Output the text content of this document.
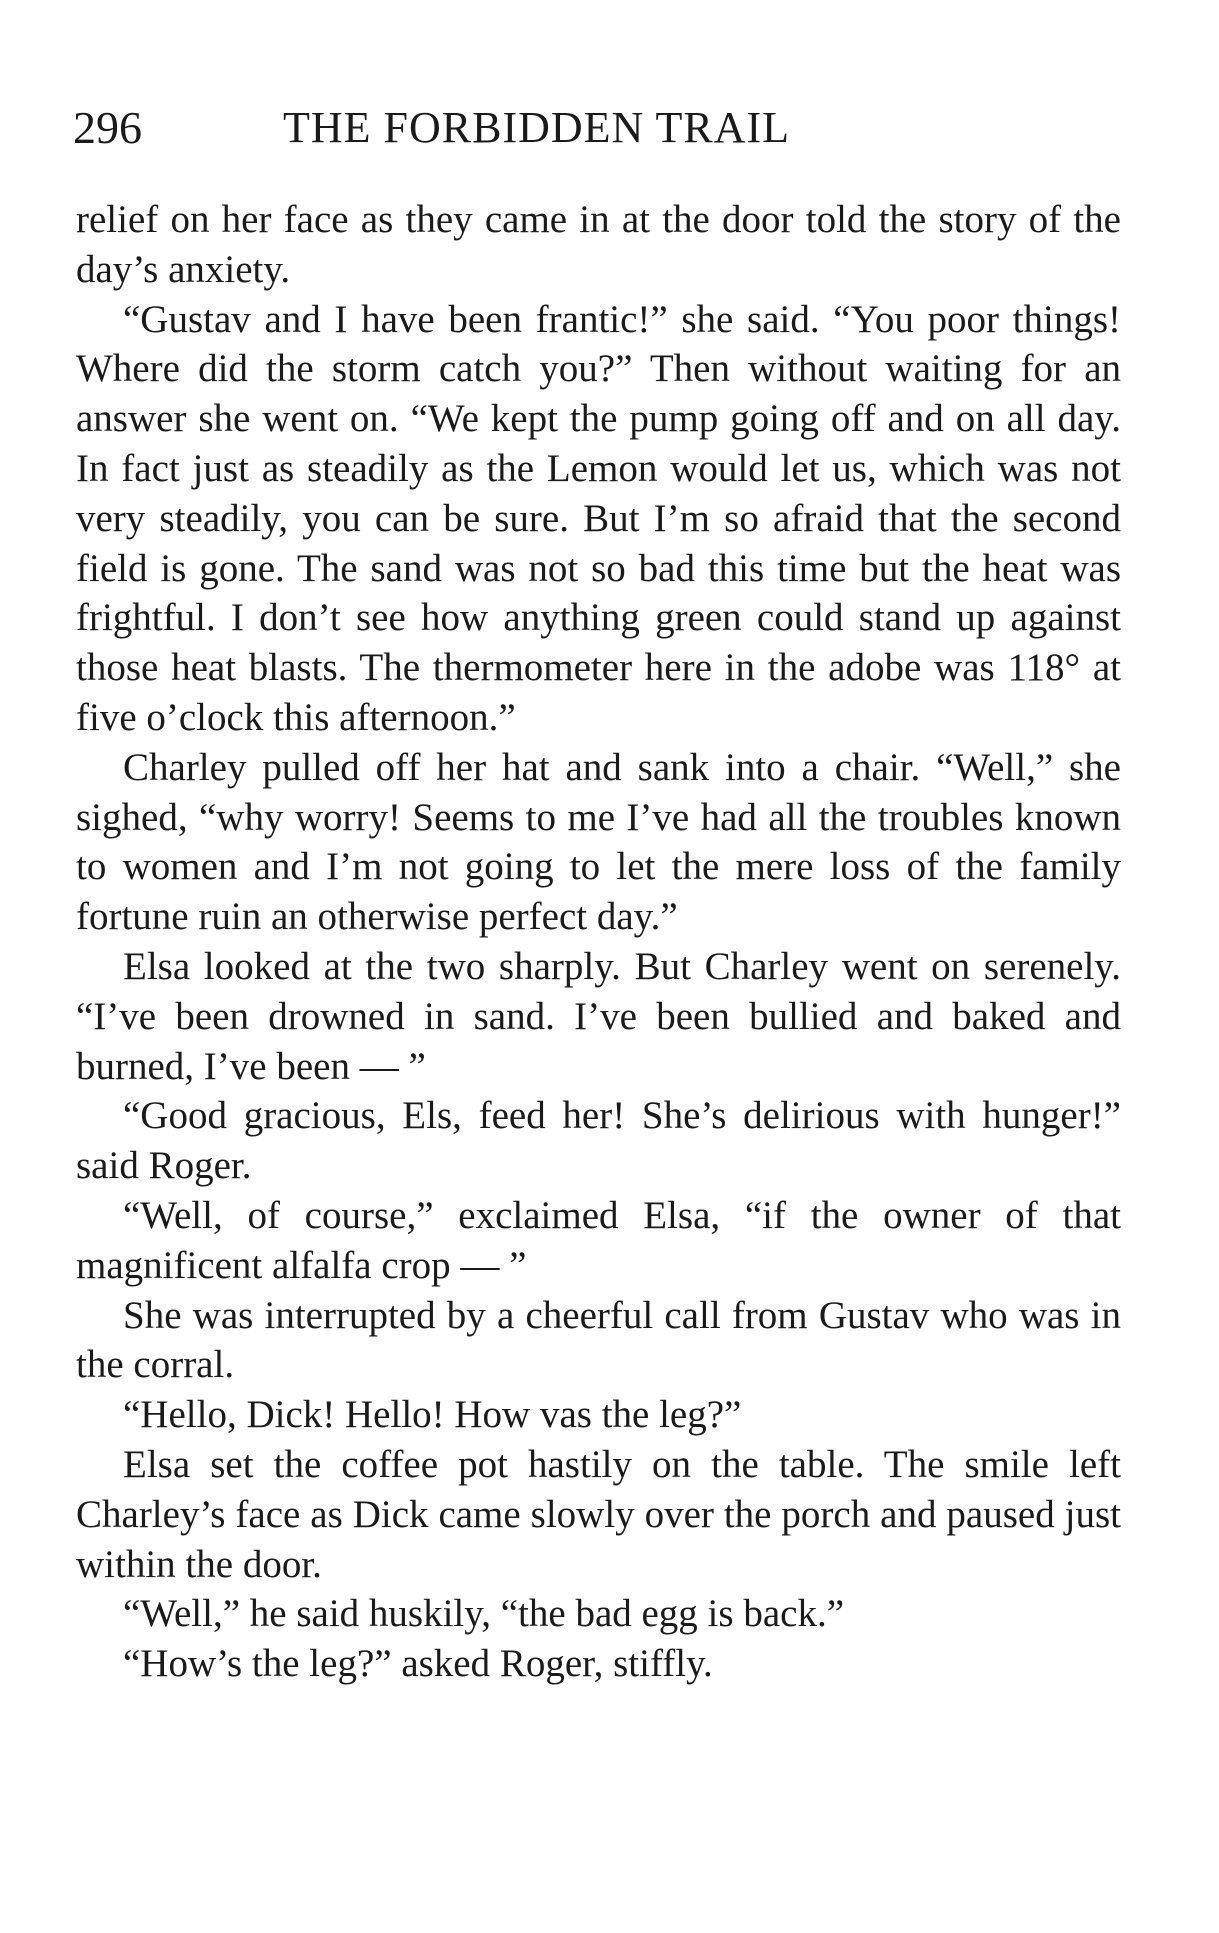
296	THE FORBIDDEN TRAIL

relief on her face as they came in at the door told the story of the day’s anxiety.

“Gustav and I have been frantic!” she said. “You poor things! Where did the storm catch you?” Then without waiting for an answer she went on. “We kept the pump going off and on all day. In fact just as steadily as the Lemon would let us, which was not very steadily, you can be sure. But I’m so afraid that the second field is gone. The sand was not so bad this time but the heat was frightful. I don’t see how anything green could stand up against those heat blasts. The thermometer here in the adobe was 118° at five o’clock this afternoon.”

Charley pulled off her hat and sank into a chair. “Well,” she sighed, “why worry! Seems to me I’ve had all the troubles known to women and I’m not going to let the mere loss of the family fortune ruin an otherwise perfect day.”

Elsa looked at the two sharply. But Charley went on serenely. “I’ve been drowned in sand. I’ve been bullied and baked and burned, I’ve been — ”

“Good gracious, Els, feed her! She’s delirious with hunger!” said Roger.

“Well, of course,” exclaimed Elsa, “if the owner of that magnificent alfalfa crop — ”

She was interrupted by a cheerful call from Gustav who was in the corral.

“Hello, Dick! Hello! How vas the leg?”

Elsa set the coffee pot hastily on the table. The smile left Charley’s face as Dick came slowly over the porch and paused just within the door.

“Well,” he said huskily, “the bad egg is back.”

“How’s the leg?” asked Roger, stiffly.
